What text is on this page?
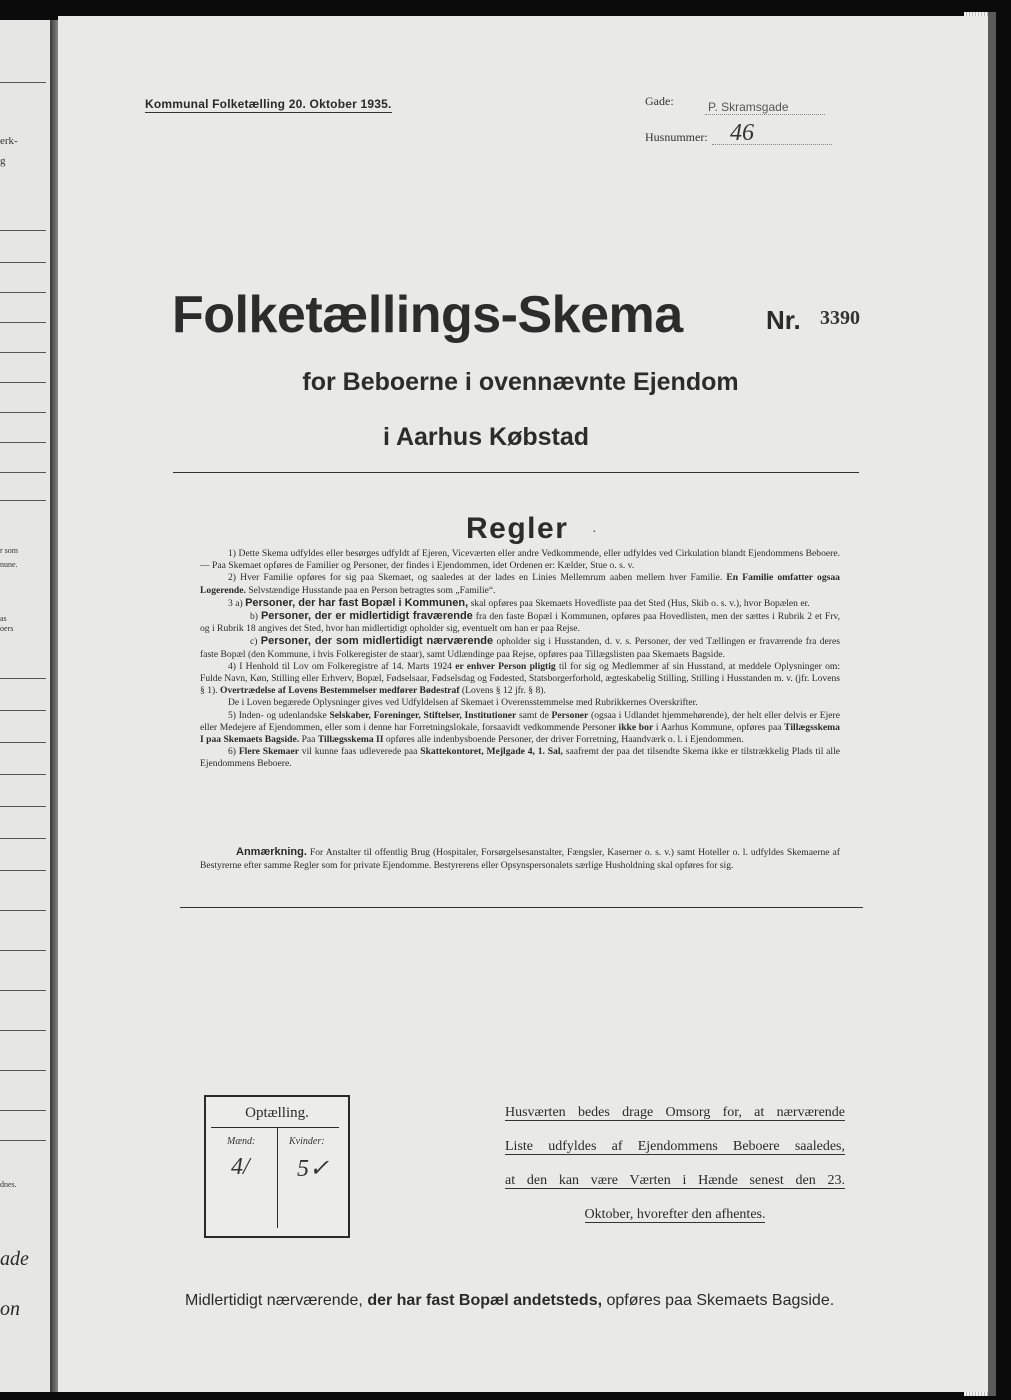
erk-
g
r som
nune.
as
oers
dnes.
ade
on
Kommunal Folketælling 20. Oktober 1935.	Gade:	P. Skramsgade
Husnummer: 46
Folketællings-Skema	Nr. 3390
for Beboerne i ovennævnte Ejendom
i Aarhus Købstad
Regler ·

1) Dette Skema udfyldes eller besørges udfyldt af Ejeren, Viceværten eller andre Vedkommende, eller udfyldes ved Cirkulation blandt Ejendommens Beboere. — Paa Skemaet opføres de Familier og Personer, der findes i Ejendommen, idet Ordenen er: Kælder, Stue o. s. v.

2) Hver Familie opføres for sig paa Skemaet, og saaledes at der lades en Linies Mellemrum aaben mellem hver Familie. En Familie omfatter ogsaa Logerende. Selvstændige Husstande paa en Person betragtes som „Familie“.

3 a) Personer, der har fast Bopæl i Kommunen, skal opføres paa Skemaets Hovedliste paa det Sted (Hus, Skib o. s. v.), hvor Bopælen er.

b) Personer, der er midlertidigt fraværende fra den faste Bopæl i Kommunen, opføres paa Hovedlisten, men der sættes i Rubrik 2 et Frv, og i Rubrik 18 angives det Sted, hvor han midlertidigt opholder sig, eventuelt om han er paa Rejse.

c) Personer, der som midlertidigt nærværende opholder sig i Husstanden, d. v. s. Personer, der ved Tællingen er fraværende fra deres faste Bopæl (den Kommune, i hvis Folkeregister de staar), samt Udlændinge paa Rejse, opføres paa Tillægslisten paa Skemaets Bagside.

4) I Henhold til Lov om Folkeregistre af 14. Marts 1924 er enhver Person pligtig til for sig og Medlemmer af sin Husstand, at meddele Oplysninger om: Fulde Navn, Køn, Stilling eller Erhverv, Bopæl, Fødselsaar, Fødselsdag og Fødested, Statsborgerforhold, ægteskabelig Stilling, Stilling i Husstanden m. v. (jfr. Lovens § 1). Overtrædelse af Lovens Bestemmelser medfører Bødestraf (Lovens § 12 jfr. § 8).

De i Loven begærede Oplysninger gives ved Udfyldelsen af Skemaet i Overensstemmelse med Rubrikkernes Overskrifter.

5) Inden- og udenlandske Selskaber, Foreninger, Stiftelser, Institutioner samt de Personer (ogsaa i Udlandet hjemmehørende), der helt eller delvis er Ejere eller Medejere af Ejendommen, eller som i denne har Forretningslokale, forsaavidt vedkommende Personer ikke bor i Aarhus Kommune, opføres paa Tillægsskema I paa Skemaets Bagside. Paa Tillægsskema II opføres alle indenbysboende Personer, der driver Forretning, Haandværk o. l. i Ejendommen.

6) Flere Skemaer vil kunne faas udleverede paa Skattekontoret, Mejlgade 4, 1. Sal, saafremt der paa det tilsendte Skema ikke er tilstrækkelig Plads til alle Ejendommens Beboere.

Anmærkning. For Anstalter til offentlig Brug (Hospitaler, Forsørgelsesanstalter, Fængsler, Kaserner o. s. v.) samt Hoteller o. l. udfyldes Skemaerne af Bestyrerne efter samme Regler som for private Ejendomme. Bestyrerens eller Opsynspersonalets særlige Husholdning skal opføres for sig.

Optælling.
Mænd:	Kvinder:
4/ 5✓
Husværten bedes drage Omsorg for, at nærværende
Liste udfyldes af Ejendommens Beboere saaledes,
at den kan være Værten i Hænde senest den 23.
Oktober, hvorefter den afhentes.
Midlertidigt nærværende, der har fast Bopæl andetsteds, opføres paa Skemaets Bagside.
